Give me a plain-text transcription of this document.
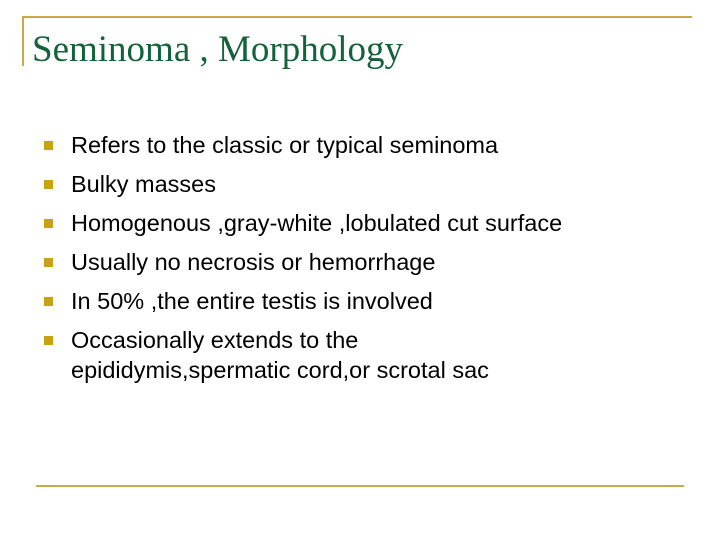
Seminoma , Morphology
Refers to the classic or typical seminoma
Bulky masses
Homogenous ,gray-white ,lobulated cut surface
Usually no necrosis or hemorrhage
In 50% ,the entire testis is involved
Occasionally extends to the epididymis,spermatic cord,or scrotal sac
